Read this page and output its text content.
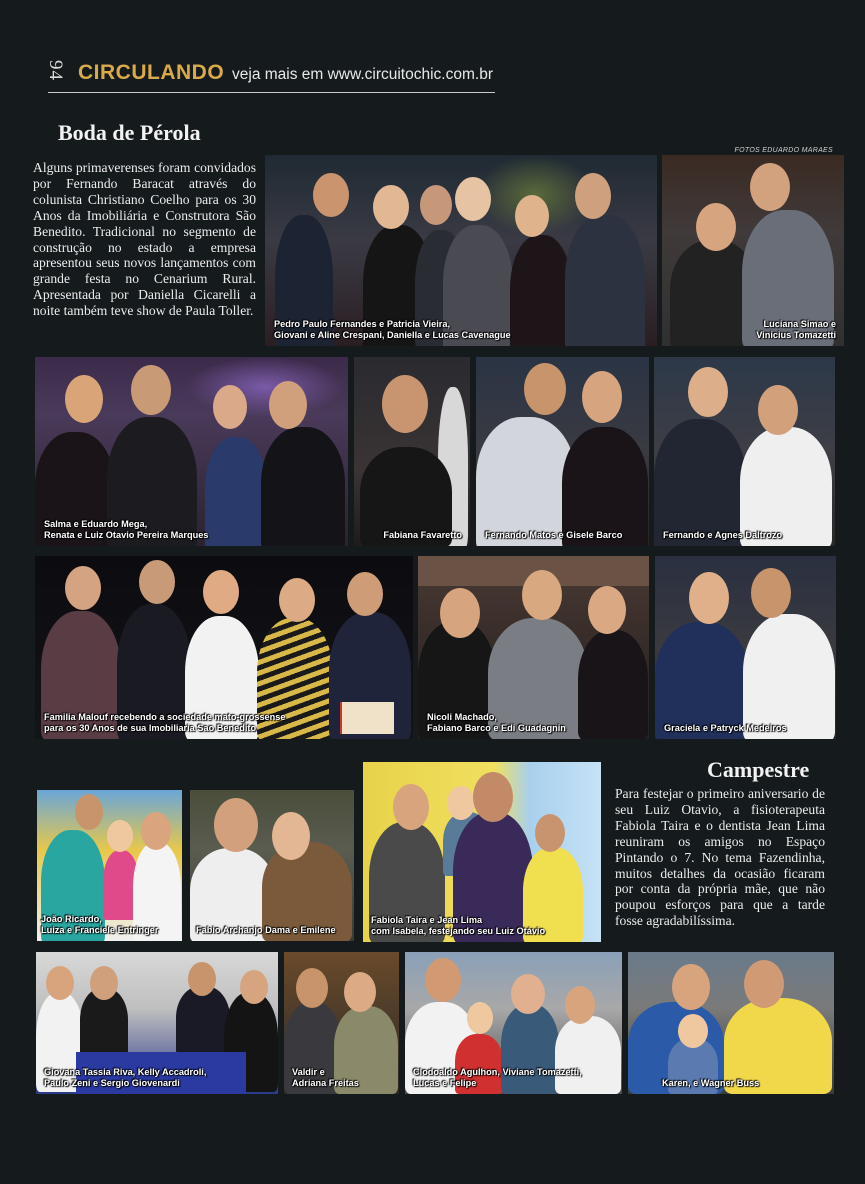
94 CIRCULANDO veja mais em www.circuitochic.com.br
Boda de Pérola
FOTOS EDUARDO MARAES
Alguns primaverenses foram convidados por Fernando Baracat através do colunista Christiano Coelho para os 30 Anos da Imobiliária e Construtora São Benedito. Tradicional no segmento de construção no estado a empresa apresentou seus novos lançamentos com grande festa no Cenarium Rural. Apresentada por Daniella Cicarelli a noite também teve show de Paula Toller.
Pedro Paulo Fernandes e Patricia Vieira,
Giovani e Aline Crespani, Daniella e Lucas Cavenague
Luciana Simao e
Vinicius Tomazetti
Salma e Eduardo Mega,
Renata e Luiz Otavio Pereira Marques	Fabiana Favaretto	Fernando Matos e Gisele Barco	Fernando e Agnes Daltrozo
Familia Malouf recebendo a sociedade mato-grossense
para os 30 Anos de sua Imobiliaria Sao Benedito
Nicoli Machado,
Fabiano Barco e Edi Guadagnin	Graciela e Patryck Medeiros
Campestre
Para festejar o primeiro aniversario de seu Luiz Otavio, a fisioterapeuta Fabiola Taira e o dentista Jean Lima reuniram os amigos no Espaço Pintando o 7. No tema Fazendinha, muitos detalhes da ocasião ficaram por conta da própria mãe, que não poupou esforços para que a tarde fosse agradabilíssima.
João Ricardo,
Luiza e Franciele Entringer	Fabio Archanjo Dama e Emilene
Fabiola Taira e Jean Lima
com Isabela, festejando seu Luiz Otávio
Giovana Tassia Riva, Kelly Accadroli,
Paulo Zeni e Sergio Giovenardi
Valdir e
Adriana Freitas
Clodoaldo Agulhon, Viviane Tomazetti,
Lucas e Felipe	Karen, e Wagner Buss
